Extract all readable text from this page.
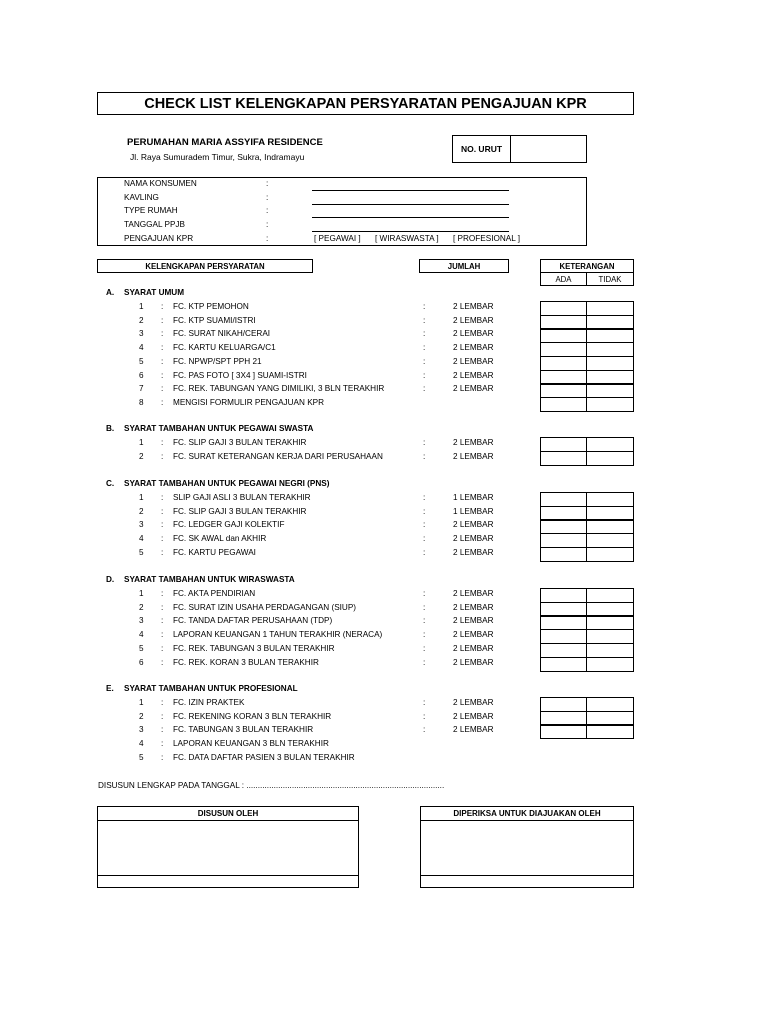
CHECK LIST KELENGKAPAN PERSYARATAN PENGAJUAN KPR
PERUMAHAN MARIA ASSYIFA RESIDENCE
Jl. Raya Sumuradem Timur, Sukra, Indramayu
NO. URUT
NAMA KONSUMEN	:
KAVLING	:
TYPE RUMAH	:
TANGGAL PPJB	:
PENGAJUAN KPR	:	[ PEGAWAI ] [ WIRASWASTA ] [ PROFESIONAL ]
KELENGKAPAN PERSYARATAN	JUMLAH	KETERANGAN
ADA	TIDAK
A. SYARAT UMUM
1 : FC. KTP PEMOHON	:	2 LEMBAR
2 : FC. KTP SUAMI/ISTRI	:	2 LEMBAR
3 : FC. SURAT NIKAH/CERAI	:	2 LEMBAR
4 : FC. KARTU KELUARGA/C1	:	2 LEMBAR
5 : FC. NPWP/SPT PPH 21	:	2 LEMBAR
6 : FC. PAS FOTO [ 3X4 ] SUAMI-ISTRI	:	2 LEMBAR
7 : FC. REK. TABUNGAN YANG DIMILIKI, 3 BLN TERAKHIR	:	2 LEMBAR
8 : MENGISI FORMULIR PENGAJUAN KPR
B. SYARAT TAMBAHAN UNTUK PEGAWAI SWASTA
1 : FC. SLIP GAJI 3 BULAN TERAKHIR	:	2 LEMBAR
2 : FC. SURAT KETERANGAN KERJA DARI PERUSAHAAN	:	2 LEMBAR
C. SYARAT TAMBAHAN UNTUK PEGAWAI NEGRI (PNS)
1 : SLIP GAJI ASLI 3 BULAN TERAKHIR	:	1 LEMBAR
2 : FC. SLIP GAJI 3 BULAN TERAKHIR	:	1 LEMBAR
3 : FC. LEDGER GAJI KOLEKTIF	:	2 LEMBAR
4 : FC. SK AWAL dan AKHIR	:	2 LEMBAR
5 : FC. KARTU PEGAWAI	:	2 LEMBAR
D. SYARAT TAMBAHAN UNTUK WIRASWASTA
1 : FC. AKTA PENDIRIAN	:	2 LEMBAR
2 : FC. SURAT IZIN USAHA PERDAGANGAN (SIUP)	:	2 LEMBAR
3 : FC. TANDA DAFTAR PERUSAHAAN (TDP)	:	2 LEMBAR
4 : LAPORAN KEUANGAN 1 TAHUN TERAKHIR (NERACA)	:	2 LEMBAR
5 : FC. REK. TABUNGAN 3 BULAN TERAKHIR	:	2 LEMBAR
6 : FC. REK. KORAN 3 BULAN TERAKHIR	:	2 LEMBAR
E. SYARAT TAMBAHAN UNTUK PROFESIONAL
1 : FC. IZIN PRAKTEK	:	2 LEMBAR
2 : FC. REKENING KORAN 3 BLN TERAKHIR	:	2 LEMBAR
3 : FC. TABUNGAN 3 BULAN TERAKHIR	:	2 LEMBAR
4 : LAPORAN KEUANGAN 3 BLN TERAKHIR
5 : FC. DATA DAFTAR PASIEN 3 BULAN TERAKHIR
DISUSUN LENGKAP PADA TANGGAL : .......................................................................................
DISUSUN OLEH	DIPERIKSA UNTUK DIAJUAKAN OLEH
